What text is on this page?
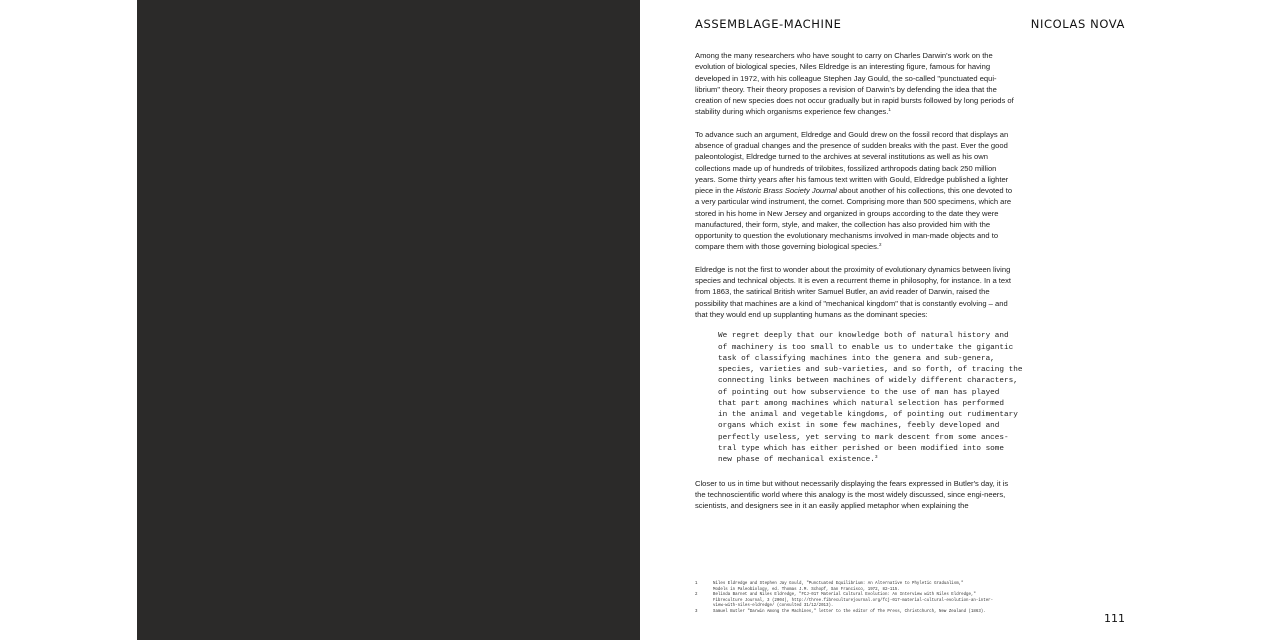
ASSEMBLAGE-MACHINE	NICOLAS NOVA

Among the many researchers who have sought to carry on Charles Darwin's work on the evolution of biological species, Niles Eldredge is an interesting figure, famous for having developed in 1972, with his colleague Stephen Jay Gould, the so-called "punctuated equi-librium" theory. Their theory proposes a revision of Darwin's by defending the idea that the creation of new species does not occur gradually but in rapid bursts followed by long periods of stability during which organisms experience few changes.$^1$

To advance such an argument, Eldredge and Gould drew on the fossil record that displays an absence of gradual changes and the presence of sudden breaks with the past. Ever the good paleontologist, Eldredge turned to the archives at several institutions as well as his own collections made up of hundreds of trilobites, fossilized arthropods dating back 250 million years. Some thirty years after his famous text written with Gould, Eldredge published a lighter piece in the Historic Brass Society Journal about another of his collections, this one devoted to a very particular wind instrument, the cornet. Comprising more than 500 specimens, which are stored in his home in New Jersey and organized in groups according to the date they were manufactured, their form, style, and maker, the collection has also provided him with the opportunity to question the evolutionary mechanisms involved in man-made objects and to compare them with those governing biological species.$^2$

Eldredge is not the first to wonder about the proximity of evolutionary dynamics between living species and technical objects. It is even a recurrent theme in philosophy, for instance. In a text from 1863, the satirical British writer Samuel Butler, an avid reader of Darwin, raised the possibility that machines are a kind of "mechanical kingdom" that is constantly evolving – and that they would end up supplanting humans as the dominant species:

We regret deeply that our knowledge both of natural history and
of machinery is too small to enable us to undertake the gigantic
task of classifying machines into the genera and sub-genera,
species, varieties and sub-varieties, and so forth, of tracing the
connecting links between machines of widely different characters,
of pointing out how subservience to the use of man has played
that part among machines which natural selection has performed
in the animal and vegetable kingdoms, of pointing out rudimentary
organs which exist in some few machines, feebly developed and
perfectly useless, yet serving to mark descent from some ances-
tral type which has either perished or been modified into some
new phase of mechanical existence.$^3$

Closer to us in time but without necessarily displaying the fears expressed in Butler's day, it is the technoscientific world where this analogy is the most widely discussed, since engi-neers, scientists, and designers see in it an easily applied metaphor when explaining the

1	Niles Eldredge and Stephen Jay Gould, "Punctuated Equilibrium: An Alternative to Phyletic Gradualism,"
Models in Paleobiology, ed. Thomas J.M. Schopf, San Francisco, 1972, 82–115.
2	Belinda Barnet and Niles Eldredge, "FCJ-017 Material Cultural Evolution: An Interview with Niles Eldredge,"
Fibreculture Journal, 3 (2004), http://three.fibreculturejournal.org/fcj-017-material-cultural-evolution-an-inter-
view-with-niles-eldredge/ (consulted 31/12/2013).
3	Samuel Butler "Darwin Among the Machines," letter to the editor of The Press, Christchurch, New Zealand (1863).
111
